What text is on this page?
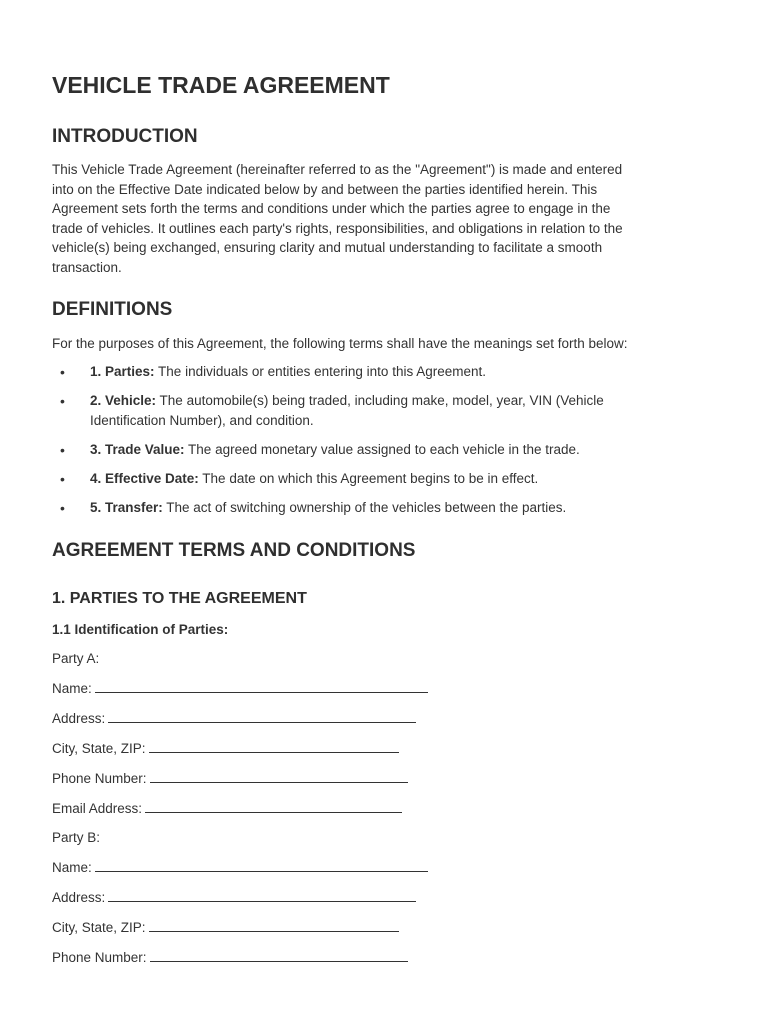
VEHICLE TRADE AGREEMENT
INTRODUCTION
This Vehicle Trade Agreement (hereinafter referred to as the "Agreement") is made and entered
into on the Effective Date indicated below by and between the parties identified herein. This
Agreement sets forth the terms and conditions under which the parties agree to engage in the
trade of vehicles. It outlines each party's rights, responsibilities, and obligations in relation to the
vehicle(s) being exchanged, ensuring clarity and mutual understanding to facilitate a smooth
transaction.
DEFINITIONS
For the purposes of this Agreement, the following terms shall have the meanings set forth below:
• 1. Parties: The individuals or entities entering into this Agreement.
• 2. Vehicle: The automobile(s) being traded, including make, model, year, VIN (Vehicle
Identification Number), and condition.
• 3. Trade Value: The agreed monetary value assigned to each vehicle in the trade.
• 4. Effective Date: The date on which this Agreement begins to be in effect.
• 5. Transfer: The act of switching ownership of the vehicles between the parties.
AGREEMENT TERMS AND CONDITIONS
1. PARTIES TO THE AGREEMENT
1.1 Identification of Parties:
Party A:
Name:
Address:
City, State, ZIP:
Phone Number:
Email Address:
Party B:
Name:
Address:
City, State, ZIP:
Phone Number:
